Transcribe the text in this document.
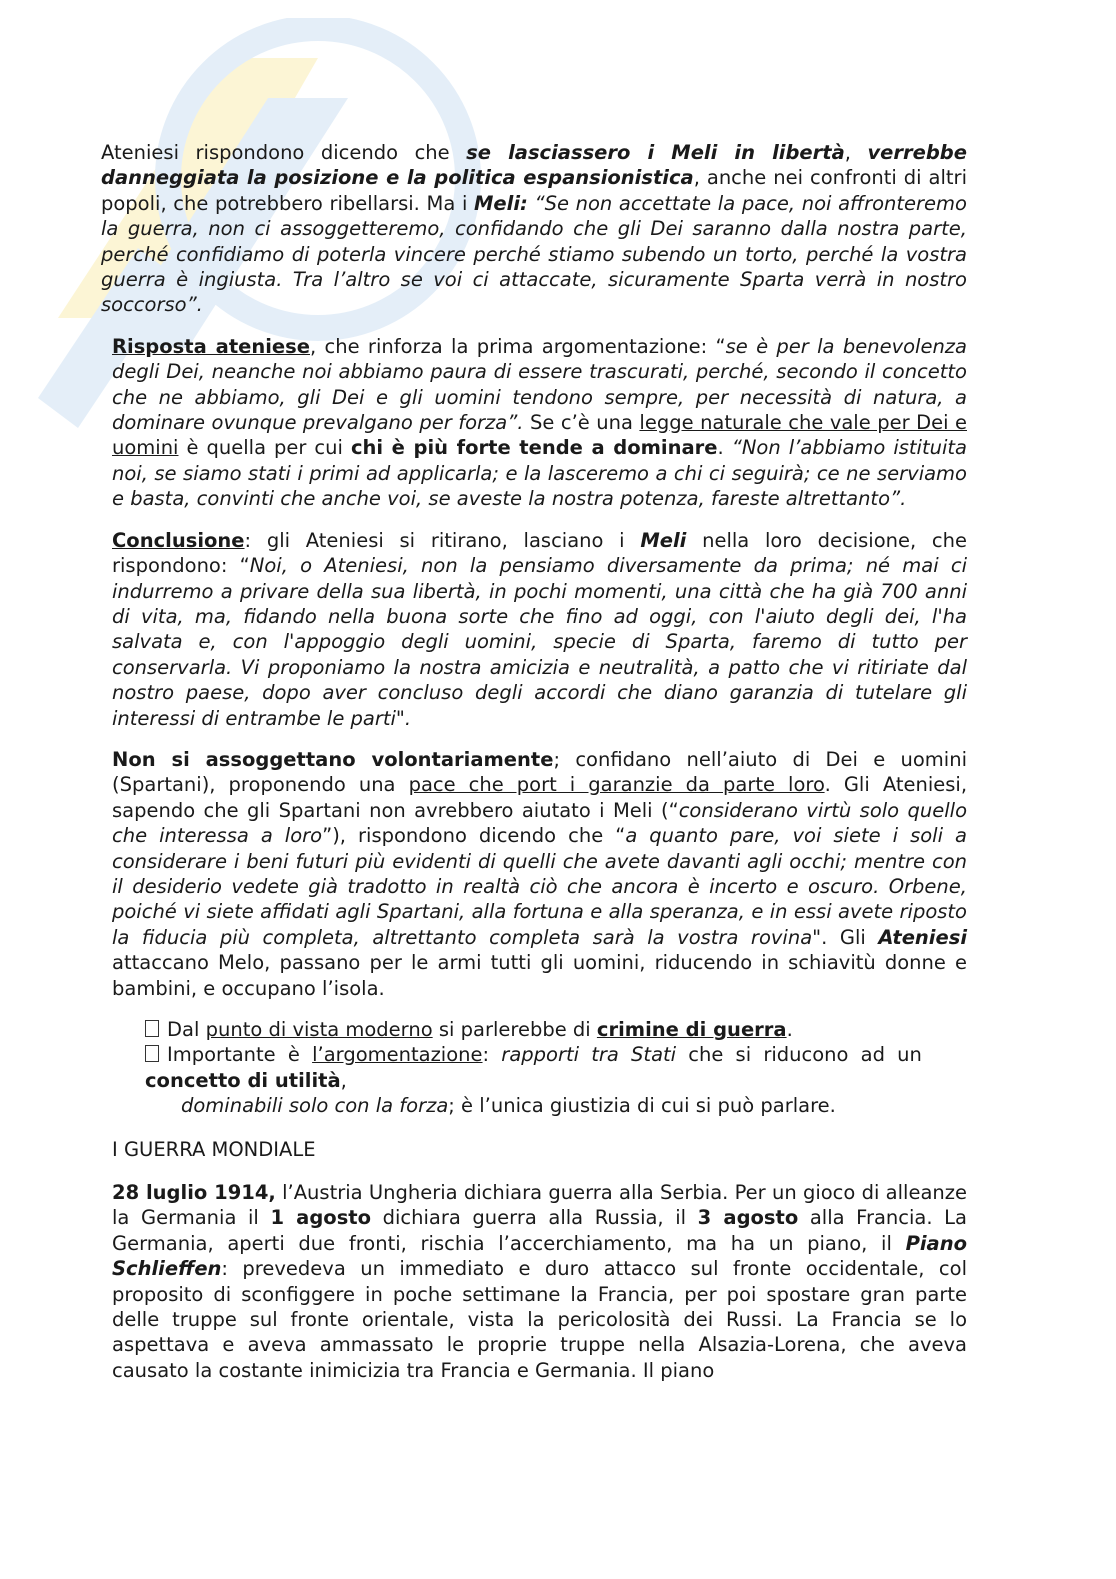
Ateniesi rispondono dicendo che se lasciassero i Meli in libertà, verrebbe danneggiata la posizione e la politica espansionistica, anche nei confronti di altri popoli, che potrebbero ribellarsi. Ma i Meli: “Se non accettate la pace, noi affronteremo la guerra, non ci assoggetteremo, confidando che gli Dei saranno dalla nostra parte, perché confidiamo di poterla vincere perché stiamo subendo un torto, perché la vostra guerra è ingiusta. Tra l’altro se voi ci attaccate, sicuramente Sparta verrà in nostro soccorso”.

Risposta ateniese, che rinforza la prima argomentazione: “se è per la benevolenza degli Dei, neanche noi abbiamo paura di essere trascurati, perché, secondo il concetto che ne abbiamo, gli Dei e gli uomini tendono sempre, per necessità di natura, a dominare ovunque prevalgano per forza”. Se c’è una legge naturale che vale per Dei e uomini è quella per cui chi è più forte tende a dominare. “Non l’abbiamo istituita noi, se siamo stati i primi ad applicarla; e la lasceremo a chi ci seguirà; ce ne serviamo e basta, convinti che anche voi, se aveste la nostra potenza, fareste altrettanto”.

Conclusione: gli Ateniesi si ritirano, lasciano i Meli nella loro decisione, che rispondono: “Noi, o Ateniesi, non la pensiamo diversamente da prima; né mai ci indurremo a privare della sua libertà, in pochi momenti, una città che ha già 700 anni di vita, ma, fidando nella buona sorte che fino ad oggi, con l'aiuto degli dei, l'ha salvata e, con l'appoggio degli uomini, specie di Sparta, faremo di tutto per conservarla. Vi proponiamo la nostra amicizia e neutralità, a patto che vi ritiriate dal nostro paese, dopo aver concluso degli accordi che diano garanzia di tutelare gli interessi di entrambe le parti".

Non si assoggettano volontariamente; confidano nell’aiuto di Dei e uomini (Spartani), proponendo una pace che port i garanzie da parte loro. Gli Ateniesi, sapendo che gli Spartani non avrebbero aiutato i Meli (“considerano virtù solo quello che interessa a loro”), rispondono dicendo che “a quanto pare, voi siete i soli a considerare i beni futuri più evidenti di quelli che avete davanti agli occhi; mentre con il desiderio vedete già tradotto in realtà ciò che ancora è incerto e oscuro. Orbene, poiché vi siete affidati agli Spartani, alla fortuna e alla speranza, e in essi avete riposto la fiducia più completa, altrettanto completa sarà la vostra rovina". Gli Ateniesi attaccano Melo, passano per le armi tutti gli uomini, riducendo in schiavitù donne e bambini, e occupano l’isola.

Dal punto di vista moderno si parlerebbe di crimine di guerra.
Importante è l’argomentazione: rapporti tra Stati che si riducono ad un
concetto di utilità,
dominabili solo con la forza; è l’unica giustizia di cui si può parlare.

I GUERRA MONDIALE

28 luglio 1914, l’Austria Ungheria dichiara guerra alla Serbia. Per un gioco di alleanze la Germania il 1 agosto dichiara guerra alla Russia, il 3 agosto alla Francia. La Germania, aperti due fronti, rischia l’accerchiamento, ma ha un piano, il Piano Schlieffen: prevedeva un immediato e duro attacco sul fronte occidentale, col proposito di sconfiggere in poche settimane la Francia, per poi spostare gran parte delle truppe sul fronte orientale, vista la pericolosità dei Russi. La Francia se lo aspettava e aveva ammassato le proprie truppe nella Alsazia-Lorena, che aveva causato la costante inimicizia tra Francia e Germania. Il piano
